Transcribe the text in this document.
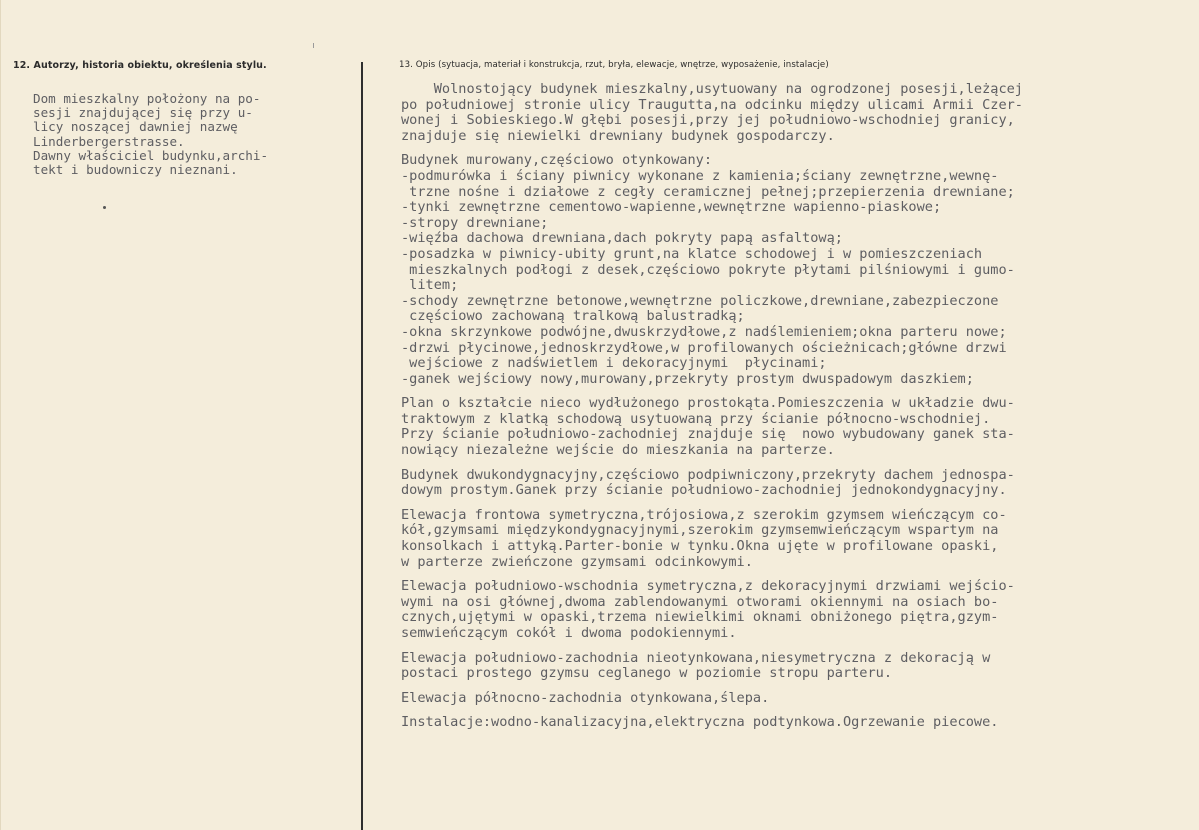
12. Autorzy, historia obiektu, określenia stylu.	13. Opis (sytuacja, materiał i konstrukcja, rzut, bryła, elewacje, wnętrze, wyposażenie, instalacje)
Dom mieszkalny położony na po-
sesji znajdującej się przy u-
licy noszącej dawniej nazwę
Linderbergerstrasse.
Dawny właściciel budynku,archi-
tekt i budowniczy nieznani.
Wolnostojący budynek mieszkalny,usytuowany na ogrodzonej posesji,leżącej
po południowej stronie ulicy Traugutta,na odcinku między ulicami Armii Czer-
wonej i Sobieskiego.W głębi posesji,przy jej południowo-wschodniej granicy,
znajduje się niewielki drewniany budynek gospodarczy.
Budynek murowany,częściowo otynkowany:
-podmurówka i ściany piwnicy wykonane z kamienia;ściany zewnętrzne,wewnę-
trzne nośne i działowe z cegły ceramicznej pełnej;przepierzenia drewniane;
-tynki zewnętrzne cementowo-wapienne,wewnętrzne wapienno-piaskowe;
-stropy drewniane;
-więźba dachowa drewniana,dach pokryty papą asfaltową;
-posadzka w piwnicy-ubity grunt,na klatce schodowej i w pomieszczeniach
mieszkalnych podłogi z desek,częściowo pokryte płytami pilśniowymi i gumo-
litem;
-schody zewnętrzne betonowe,wewnętrzne policzkowe,drewniane,zabezpieczone
częściowo zachowaną tralkową balustradką;
-okna skrzynkowe podwójne,dwuskrzydłowe,z nadślemieniem;okna parteru nowe;
-drzwi płycinowe,jednoskrzydłowe,w profilowanych ościeżnicach;główne drzwi
wejściowe z nadświetlem i dekoracyjnymi  płycinami;
-ganek wejściowy nowy,murowany,przekryty prostym dwuspadowym daszkiem;
Plan o kształcie nieco wydłużonego prostokąta.Pomieszczenia w układzie dwu-
traktowym z klatką schodową usytuowaną przy ścianie północno-wschodniej.
Przy ścianie południowo-zachodniej znajduje się  nowo wybudowany ganek sta-
nowiący niezależne wejście do mieszkania na parterze.
Budynek dwukondygnacyjny,częściowo podpiwniczony,przekryty dachem jednospa-
dowym prostym.Ganek przy ścianie południowo-zachodniej jednokondygnacyjny.
Elewacja frontowa symetryczna,trójosiowa,z szerokim gzymsem wieńczącym co-
kół,gzymsami międzykondygnacyjnymi,szerokim gzymsemwieńczącym wspartym na
konsolkach i attyką.Parter-bonie w tynku.Okna ujęte w profilowane opaski,
w parterze zwieńczone gzymsami odcinkowymi.
Elewacja południowo-wschodnia symetryczna,z dekoracyjnymi drzwiami wejścio-
wymi na osi głównej,dwoma zablendowanymi otworami okiennymi na osiach bo-
cznych,ujętymi w opaski,trzema niewielkimi oknami obniżonego piętra,gzym-
semwieńczącym cokół i dwoma podokiennymi.
Elewacja południowo-zachodnia nieotynkowana,niesymetryczna z dekoracją w
postaci prostego gzymsu ceglanego w poziomie stropu parteru.
Elewacja północno-zachodnia otynkowana,ślepa.
Instalacje:wodno-kanalizacyjna,elektryczna podtynkowa.Ogrzewanie piecowe.
